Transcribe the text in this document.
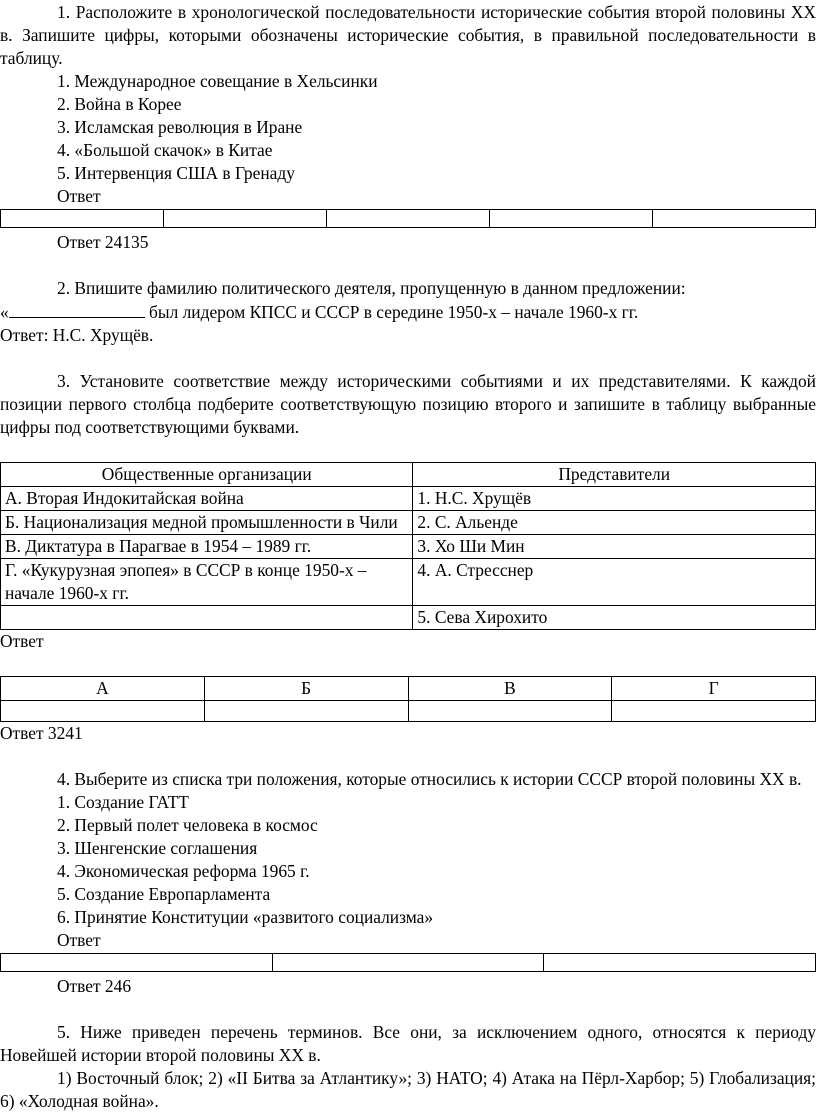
1. Расположите в хронологической последовательности исторические события второй половины XX в. Запишите цифры, которыми обозначены исторические события, в правильной последовательности в таблицу.

1. Международное совещание в Хельсинки

2. Война в Корее

3. Исламская революция в Иране

4. «Большой скачок» в Китае

5. Интервенция США в Гренаду

Ответ

Ответ 24135

2. Впишите фамилию политического деятеля, пропущенную в данном предложении:

«	был лидером КПСС и СССР в середине 1950-х – начале 1960-х гг.

Ответ: Н.С. Хрущёв.

3. Установите соответствие между историческими событиями и их представителями. К каждой позиции первого столбца подберите соответствующую позицию второго и запишите в таблицу выбранные цифры под соответствующими буквами.

Общественные организации	Представители
А. Вторая Индокитайская война	1. Н.С. Хрущёв
Б. Национализация медной промышленности в Чили	2. С. Альенде
В. Диктатура в Парагвае в 1954 – 1989 гг.	3. Хо Ши Мин
Г. «Кукурузная эпопея» в СССР в конце 1950-х – начале 1960-х гг.	4. А. Стресснер
	5. Сева Хирохито

Ответ

А	Б	В	Г

Ответ 3241

4. Выберите из списка три положения, которые относились к истории СССР второй половины XX в.

1. Создание ГАТТ

2. Первый полет человека в космос

3. Шенгенские соглашения

4. Экономическая реформа 1965 г.

5. Создание Европарламента

6. Принятие Конституции «развитого социализма»

Ответ

Ответ 246

5. Ниже приведен перечень терминов. Все они, за исключением одного, относятся к периоду Новейшей истории второй половины XX в.

1) Восточный блок; 2) «II Битва за Атлантику»; 3) НАТО; 4) Атака на Пёрл-Харбор; 5) Глобализация; 6) «Холодная война».
